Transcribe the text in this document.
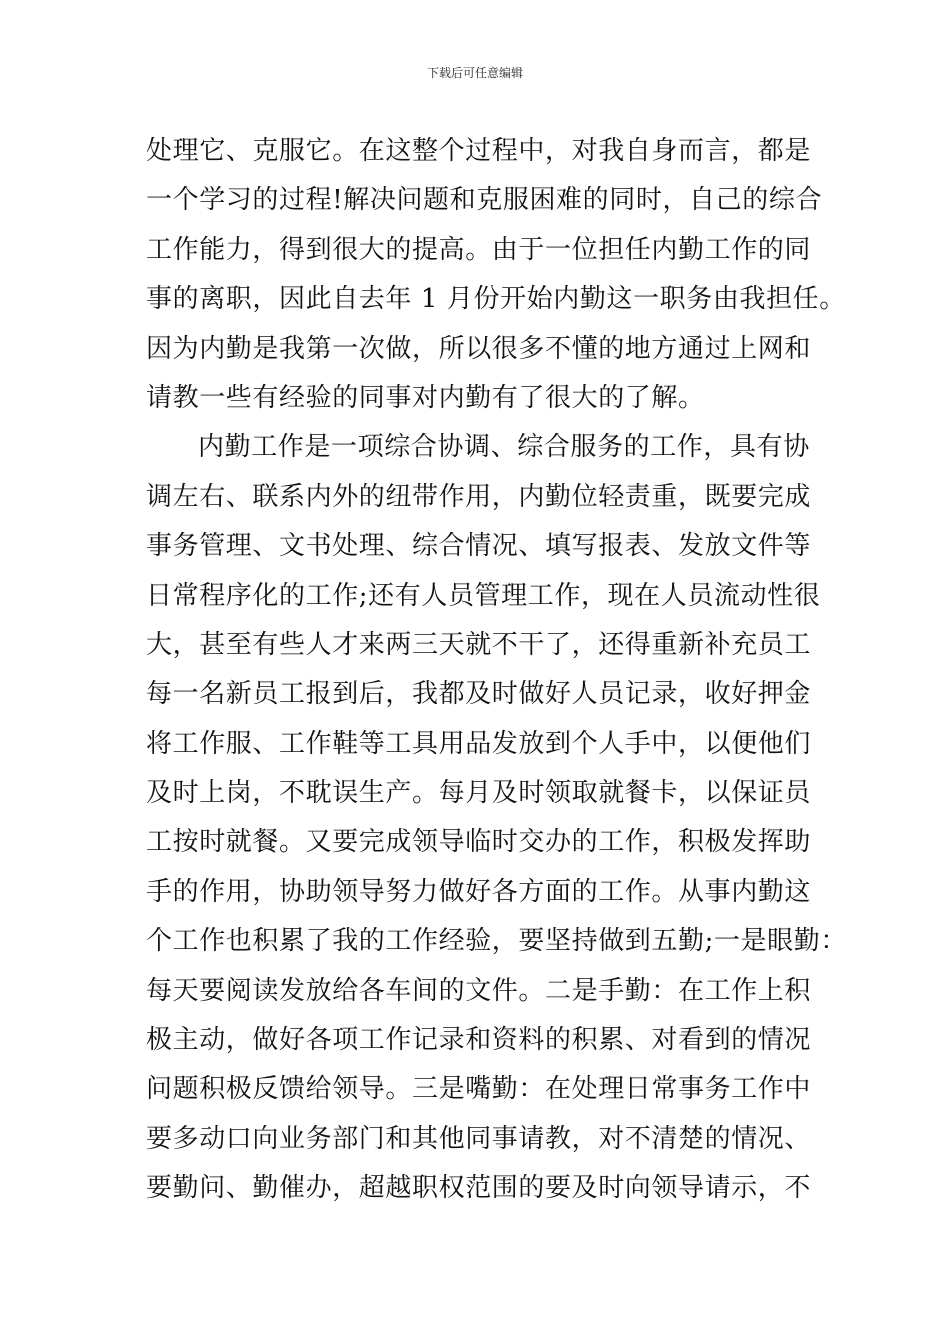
下载后可任意编辑
处理它、克服它。在这整个过程中，对我自身而言，都是
一个学习的过程!解决问题和克服困难的同时，自己的综合
工作能力，得到很大的提高。由于一位担任内勤工作的同
事的离职，因此自去年 1 月份开始内勤这一职务由我担任。
因为内勤是我第一次做，所以很多不懂的地方通过上网和
请教一些有经验的同事对内勤有了很大的了解。
内勤工作是一项综合协调、综合服务的工作，具有协
调左右、联系内外的纽带作用，内勤位轻责重，既要完成
事务管理、文书处理、综合情况、填写报表、发放文件等
日常程序化的工作;还有人员管理工作，现在人员流动性很
大，甚至有些人才来两三天就不干了，还得重新补充员工
每一名新员工报到后，我都及时做好人员记录，收好押金
将工作服、工作鞋等工具用品发放到个人手中，以便他们
及时上岗，不耽误生产。每月及时领取就餐卡，以保证员
工按时就餐。又要完成领导临时交办的工作，积极发挥助
手的作用，协助领导努力做好各方面的工作。从事内勤这
个工作也积累了我的工作经验，要坚持做到五勤;一是眼勤：
每天要阅读发放给各车间的文件。二是手勤：在工作上积
极主动，做好各项工作记录和资料的积累、对看到的情况
问题积极反馈给领导。三是嘴勤：在处理日常事务工作中
要多动口向业务部门和其他同事请教，对不清楚的情况、
要勤问、勤催办，超越职权范围的要及时向领导请示，不
